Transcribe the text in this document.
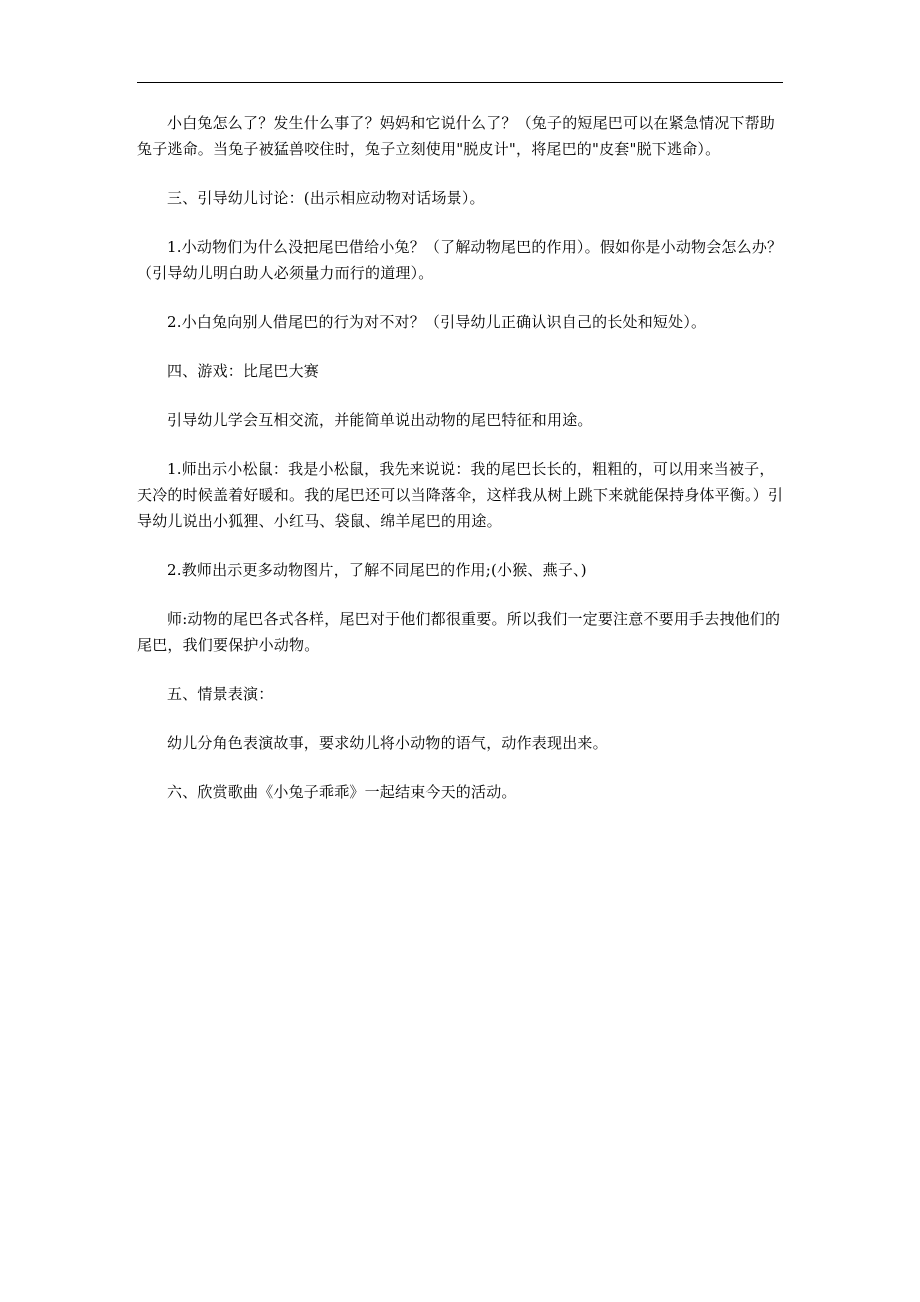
小白兔怎么了？发生什么事了？妈妈和它说什么了？（兔子的短尾巴可以在紧急情况下帮助兔子逃命。当兔子被猛兽咬住时，兔子立刻使用"脱皮计"，将尾巴的"皮套"脱下逃命）。

三、引导幼儿讨论：(出示相应动物对话场景）。

1.小动物们为什么没把尾巴借给小兔？（了解动物尾巴的作用）。假如你是小动物会怎么办？（引导幼儿明白助人必须量力而行的道理）。

2.小白兔向别人借尾巴的行为对不对？（引导幼儿正确认识自己的长处和短处）。

四、游戏：比尾巴大赛

引导幼儿学会互相交流，并能简单说出动物的尾巴特征和用途。

1.师出示小松鼠：我是小松鼠，我先来说说：我的尾巴长长的，粗粗的，可以用来当被子，天冷的时候盖着好暖和。我的尾巴还可以当降落伞，这样我从树上跳下来就能保持身体平衡。）引导幼儿说出小狐狸、小红马、袋鼠、绵羊尾巴的用途。

2.教师出示更多动物图片，了解不同尾巴的作用;(小猴、燕子、)

师:动物的尾巴各式各样，尾巴对于他们都很重要。所以我们一定要注意不要用手去拽他们的尾巴，我们要保护小动物。

五、情景表演：

幼儿分角色表演故事，要求幼儿将小动物的语气，动作表现出来。

六、欣赏歌曲《小兔子乖乖》一起结束今天的活动。
